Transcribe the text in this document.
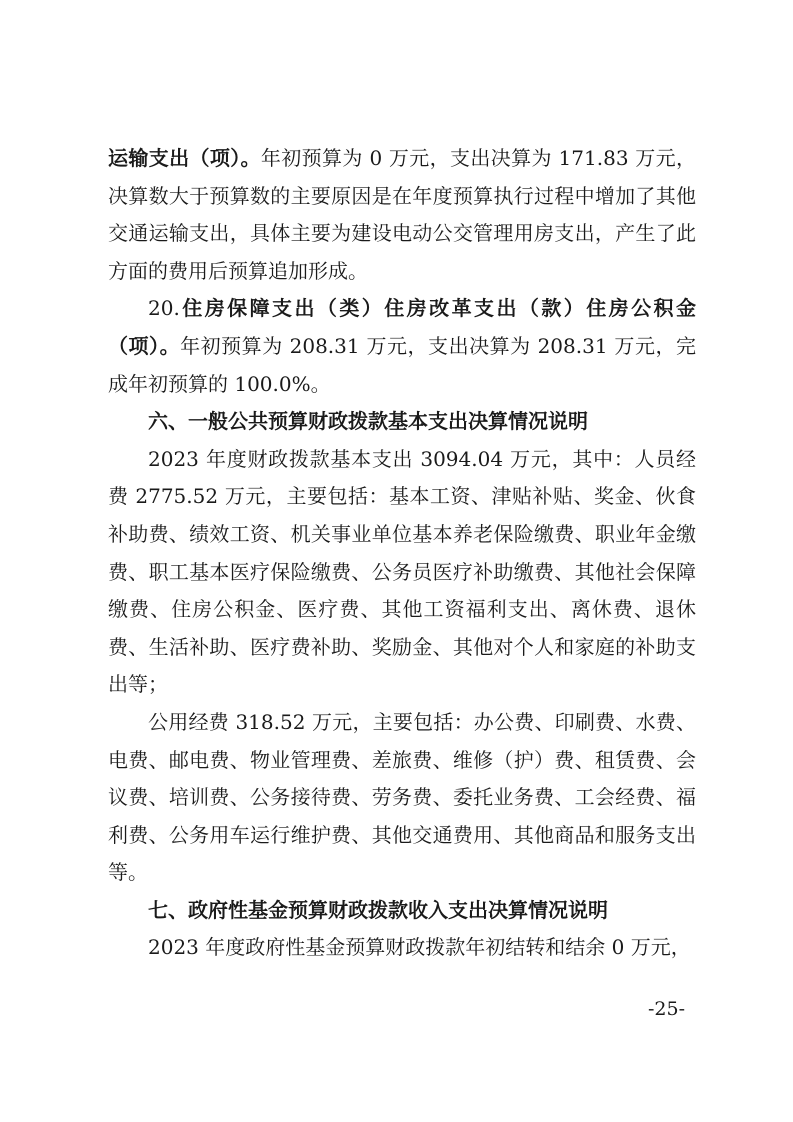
运输支出（项）。年初预算为 0 万元，支出决算为 171.83 万元，决算数大于预算数的主要原因是在年度预算执行过程中增加了其他交通运输支出，具体主要为建设电动公交管理用房支出，产生了此方面的费用后预算追加形成。

20.住房保障支出（类）住房改革支出（款）住房公积金（项）。年初预算为 208.31 万元，支出决算为 208.31 万元，完成年初预算的 100.0%。

六、一般公共预算财政拨款基本支出决算情况说明

2023 年度财政拨款基本支出 3094.04 万元，其中：人员经费 2775.52 万元，主要包括：基本工资、津贴补贴、奖金、伙食补助费、绩效工资、机关事业单位基本养老保险缴费、职业年金缴费、职工基本医疗保险缴费、公务员医疗补助缴费、其他社会保障缴费、住房公积金、医疗费、其他工资福利支出、离休费、退休费、生活补助、医疗费补助、奖励金、其他对个人和家庭的补助支出等；

公用经费 318.52 万元，主要包括：办公费、印刷费、水费、电费、邮电费、物业管理费、差旅费、维修（护）费、租赁费、会议费、培训费、公务接待费、劳务费、委托业务费、工会经费、福利费、公务用车运行维护费、其他交通费用、其他商品和服务支出等。

七、政府性基金预算财政拨款收入支出决算情况说明

2023 年度政府性基金预算财政拨款年初结转和结余 0 万元，

-25-
